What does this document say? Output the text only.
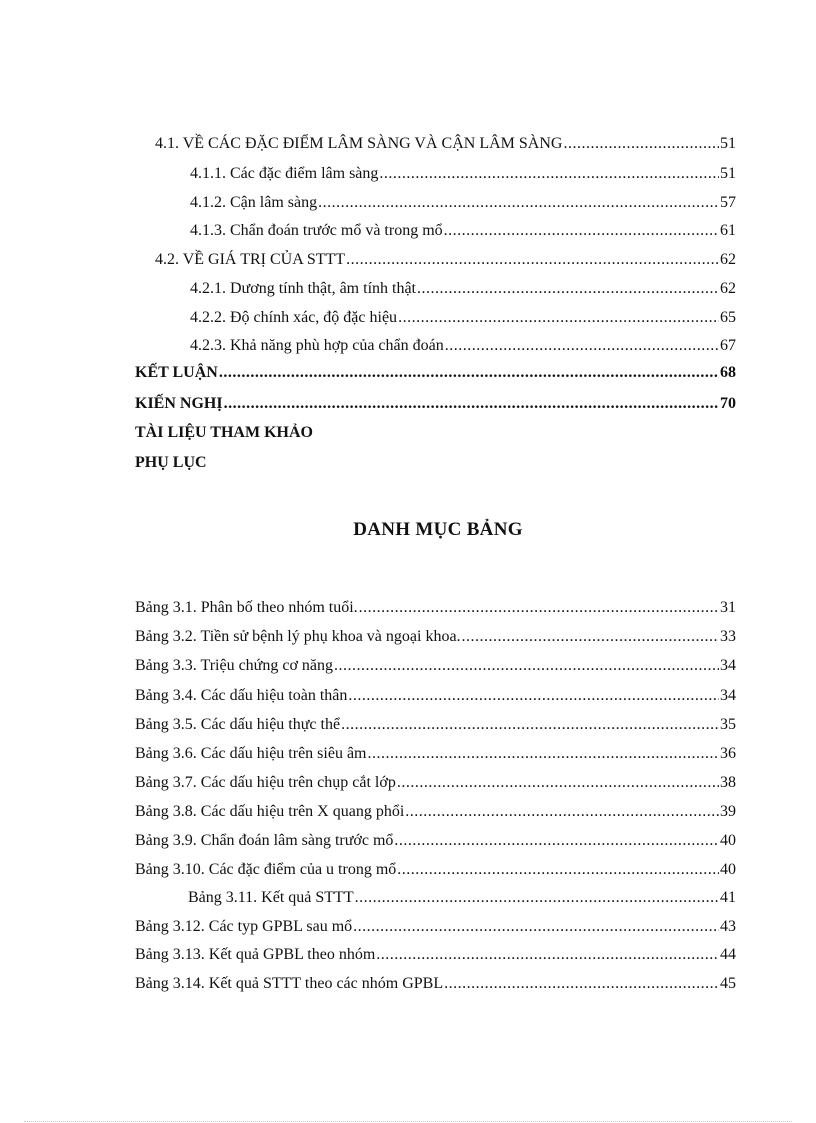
4.1. VỀ CÁC ĐẶC ĐIỂM LÂM SÀNG VÀ CẬN LÂM SÀNG .....	51
4.1.1. Các đặc điểm lâm sàng .....	51
4.1.2. Cận lâm sàng .....	57
4.1.3. Chẩn đoán trước mổ và trong mổ .....	61
4.2. VỀ GIÁ TRỊ CỦA STTT .....	62
4.2.1. Dương tính thật, âm tính thật .....	62
4.2.2. Độ chính xác, độ đặc hiệu .....	65
4.2.3. Khả năng phù hợp của chẩn đoán .....	67
KẾT LUẬN .....	68
KIẾN NGHỊ .....	70
TÀI LIỆU THAM KHẢO
PHỤ LỤC
DANH MỤC BẢNG
Bảng 3.1. Phân bố theo nhóm tuổi. .....	31
Bảng 3.2. Tiền sử bệnh lý phụ khoa và ngoại khoa. .....	33
Bảng 3.3. Triệu chứng cơ năng .....	34
Bảng 3.4. Các dấu hiệu toàn thân .....	34
Bảng 3.5. Các dấu hiệu thực thể .....	35
Bảng 3.6. Các dấu hiệu trên siêu âm .....	36
Bảng 3.7. Các dấu hiệu trên chụp cắt lớp .....	38
Bảng 3.8. Các dấu hiệu trên X quang phổi .....	39
Bảng 3.9. Chẩn đoán lâm sàng trước mổ .....	40
Bảng 3.10. Các đặc điểm của u trong mổ .....	40
Bảng 3.11. Kết quả STTT .....	41
Bảng 3.12. Các typ GPBL sau mổ .....	43
Bảng 3.13. Kết quả GPBL theo nhóm .....	44
Bảng 3.14. Kết quả STTT theo các nhóm GPBL .....	45
